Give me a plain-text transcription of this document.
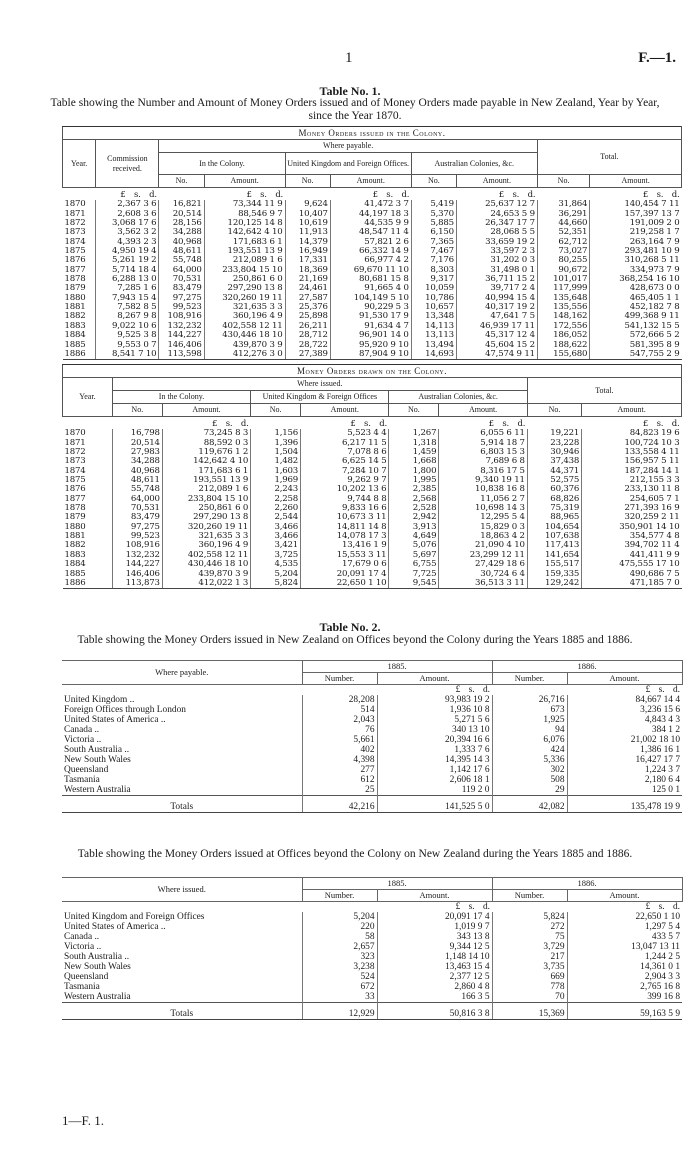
1	F.—1.
Table No. 1.
Table showing the Number and Amount of Money Orders issued and of Money Orders made payable in New Zealand, Year by Year, since the Year 1870.
Money Orders issued in the Colony.									
Year.	Commission received.	Where payable.						Total.	
		In the Colony.		United Kingdom and Foreign Offices.		Australian Colonies, &c.			
		No.	Amount.	No.	Amount.	No.	Amount.	No.	Amount.
	£ s. d.		£ s. d.		£ s. d.		£ s. d.		£ s. d.
1870	2,367 3 6	16,821	73,344 11 9	9,624	41,472 3 7	5,419	25,637 12 7	31,864	140,454 7 11
1871	2,608 3 6	20,514	88,546 9 7	10,407	44,197 18 3	5,370	24,653 5 9	36,291	157,397 13 7
1872	3,068 17 6	28,156	120,125 14 8	10,619	44,535 9 9	5,885	26,347 17 7	44,660	191,009 2 0
1873	3,562 3 2	34,288	142,642 4 10	11,913	48,547 11 4	6,150	28,068 5 5	52,351	219,258 1 7
1874	4,393 2 3	40,968	171,683 6 1	14,379	57,821 2 6	7,365	33,659 19 2	62,712	263,164 7 9
1875	4,950 19 4	48,611	193,551 13 9	16,949	66,332 14 9	7,467	33,597 2 3	73,027	293,481 10 9
1876	5,261 19 2	55,748	212,089 1 6	17,331	66,977 4 2	7,176	31,202 0 3	80,255	310,268 5 11
1877	5,714 18 4	64,000	233,804 15 10	18,369	69,670 11 10	8,303	31,498 0 1	90,672	334,973 7 9
1878	6,288 13 0	70,531	250,861 6 0	21,169	80,681 15 8	9,317	36,711 15 2	101,017	368,254 16 10
1879	7,285 1 6	83,479	297,290 13 8	24,461	91,665 4 0	10,059	39,717 2 4	117,999	428,673 0 0
1880	7,943 15 4	97,275	320,260 19 11	27,587	104,149 5 10	10,786	40,994 15 4	135,648	465,405 1 1
1881	7,582 8 5	99,523	321,635 3 3	25,376	90,229 5 3	10,657	40,317 19 2	135,556	452,182 7 8
1882	8,267 9 8	108,916	360,196 4 9	25,898	91,530 17 9	13,348	47,641 7 5	148,162	499,368 9 11
1883	9,022 10 6	132,232	402,558 12 11	26,211	91,634 4 7	14,113	46,939 17 11	172,556	541,132 15 5
1884	9,525 3 8	144,227	430,446 18 10	28,712	96,901 14 0	13,113	45,317 12 4	186,052	572,666 5 2
1885	9,553 0 7	146,406	439,870 3 9	28,722	95,920 9 10	13,494	45,604 15 2	188,622	581,395 8 9
1886	8,541 7 10	113,598	412,276 3 0	27,389	87,904 9 10	14,693	47,574 9 11	155,680	547,755 2 9
Money Orders drawn on the Colony.								
Year.	Where issued.						Total.	
	In the Colony.		United Kingdom & Foreign Offices		Australian Colonies, &c.			
	No.	Amount.	No.	Amount.	No.	Amount.	No.	Amount.
		£ s. d.		£ s. d.		£ s. d.		£ s. d.
1870	16,798	73,245 8 3	1,156	5,523 4 4	1,267	6,055 6 11	19,221	84,823 19 6
1871	20,514	88,592 0 3	1,396	6,217 11 5	1,318	5,914 18 7	23,228	100,724 10 3
1872	27,983	119,676 1 2	1,504	7,078 8 6	1,459	6,803 15 3	30,946	133,558 4 11
1873	34,288	142,642 4 10	1,482	6,625 14 5	1,668	7,689 6 8	37,438	156,957 5 11
1874	40,968	171,683 6 1	1,603	7,284 10 7	1,800	8,316 17 5	44,371	187,284 14 1
1875	48,611	193,551 13 9	1,969	9,262 9 7	1,995	9,340 19 11	52,575	212,155 3 3
1876	55,748	212,089 1 6	2,243	10,202 13 6	2,385	10,838 16 8	60,376	233,130 11 8
1877	64,000	233,804 15 10	2,258	9,744 8 8	2,568	11,056 2 7	68,826	254,605 7 1
1878	70,531	250,861 6 0	2,260	9,833 16 6	2,528	10,698 14 3	75,319	271,393 16 9
1879	83,479	297,290 13 8	2,544	10,673 3 11	2,942	12,295 5 4	88,965	320,259 2 11
1880	97,275	320,260 19 11	3,466	14,811 14 8	3,913	15,829 0 3	104,654	350,901 14 10
1881	99,523	321,635 3 3	3,466	14,078 17 3	4,649	18,863 4 2	107,638	354,577 4 8
1882	108,916	360,196 4 9	3,421	13,416 1 9	5,076	21,090 4 10	117,413	394,702 11 4
1883	132,232	402,558 12 11	3,725	15,553 3 11	5,697	23,299 12 11	141,654	441,411 9 9
1884	144,227	430,446 18 10	4,535	17,679 0 6	6,755	27,429 18 6	155,517	475,555 17 10
1885	146,406	439,870 3 9	5,204	20,091 17 4	7,725	30,724 6 4	159,335	490,686 7 5
1886	113,873	412,022 1 3	5,824	22,650 1 10	9,545	36,513 3 11	129,242	471,185 7 0
Table No. 2.
Table showing the Money Orders issued in New Zealand on Offices beyond the Colony during the Years 1885 and 1886.
Where payable.	1885.		1886.	
	Number.	Amount.	Number.	Amount.
		£ s. d.		£ s. d.
United Kingdom ..	28,208	93,983 19 2	26,716	84,667 14 4
Foreign Offices through London	514	1,936 10 8	673	3,236 15 6
United States of America ..	2,043	5,271 5 6	1,925	4,843 4 3
Canada ..	76	340 13 10	94	384 1 2
Victoria ..	5,661	20,394 16 6	6,076	21,002 18 10
South Australia ..	402	1,333 7 6	424	1,386 16 1
New South Wales	4,398	14,395 14 3	5,336	16,427 17 7
Queensland	277	1,142 17 6	302	1,224 3 7
Tasmania	612	2,606 18 1	508	2,180 6 4
Western Australia	25	119 2 0	29	125 0 1
Totals	42,216	141,525 5 0	42,082	135,478 19 9
Table showing the Money Orders issued at Offices beyond the Colony on New Zealand during the Years 1885 and 1886.
Where issued.	1885.		1886.	
	Number.	Amount.	Number.	Amount.
		£ s. d.		£ s. d.
United Kingdom and Foreign Offices	5,204	20,091 17 4	5,824	22,650 1 10
United States of America ..	220	1,019 9 7	272	1,297 5 4
Canada ..	58	343 13 8	75	433 5 7
Victoria ..	2,657	9,344 12 5	3,729	13,047 13 11
South Australia ..	323	1,148 14 10	217	1,244 2 5
New South Wales	3,238	13,463 15 4	3,735	14,361 0 1
Queensland	524	2,377 12 5	669	2,904 3 3
Tasmania	672	2,860 4 8	778	2,765 16 8
Western Australia	33	166 3 5	70	399 16 8
Totals	12,929	50,816 3 8	15,369	59,163 5 9
1—F. 1.
